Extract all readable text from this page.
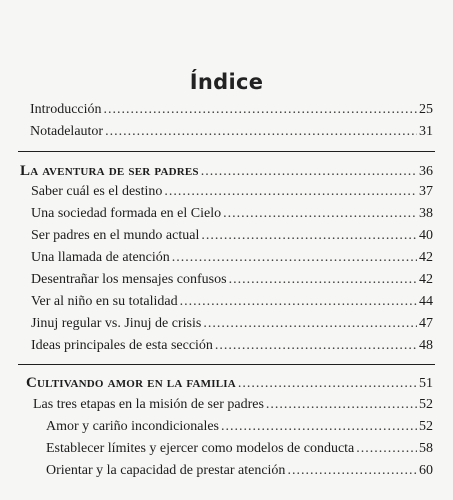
Índice
Introducción .....	25
Notadelautor .....	31
La aventura de ser padres .....	36
Saber cuál es el destino .....	37
Una sociedad formada en el Cielo .....	38
Ser padres en el mundo actual .....	40
Una llamada de atención .....	42
Desentrañar los mensajes confusos .....	42
Ver al niño en su totalidad .....	44
Jinuj regular vs. Jinuj de crisis .....	47
Ideas principales de esta sección .....	48
Cultivando amor en la familia .....	51
Las tres etapas en la misión de ser padres .....	52
Amor y cariño incondicionales .....	52
Establecer límites y ejercer como modelos de conducta .....	58
Orientar y la capacidad de prestar atención .....	60
